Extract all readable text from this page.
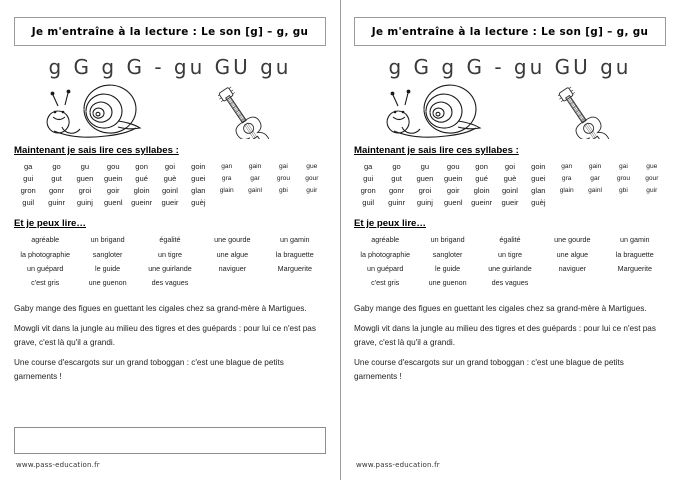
Je m'entraîne à la lecture : Le son [g] – g, gu
g G g G - gu GU gu
Maintenant je sais lire ces syllabes :
ga	go	gu	gou	gon	goi	goin	gan	gain	gai	gue
gui	gut	guen	guein	gué	guè	guei	gra	gar	grou	gour
gron	gonr	groi	goir	gloin	goinl	glan	glain	gainl	gbi	guir
guil	guinr	guinj	guenl	gueinr	gueir	guèj				
Et je peux lire…
agréable	un brigand	égalité	une gourde	un gamin
la photographie	sangloter	un tigre	une algue	la braguette
un guépard	le guide	une guirlande	naviguer	Marguerite
c'est gris	une guenon	des vagues		

Gaby mange des figues en guettant les cigales chez sa grand-mère à Martigues.

Mowgli vit dans la jungle au milieu des tigres et des guépards : pour lui ce n'est pas grave, c'est là qu'il a grandi.

Une course d'escargots sur un grand toboggan : c'est une blague de petits garnements !

www.pass-education.fr
Je m'entraîne à la lecture : Le son [g] – g, gu
g G g G - gu GU gu
Maintenant je sais lire ces syllabes :
ga	go	gu	gou	gon	goi	goin	gan	gain	gai	gue
gui	gut	guen	guein	gué	guè	guei	gra	gar	grou	gour
gron	gonr	groi	goir	gloin	goinl	glan	glain	gainl	gbi	guir
guil	guinr	guinj	guenl	gueinr	gueir	guèj				
Et je peux lire…
agréable	un brigand	égalité	une gourde	un gamin
la photographie	sangloter	un tigre	une algue	la braguette
un guépard	le guide	une guirlande	naviguer	Marguerite
c'est gris	une guenon	des vagues		

Gaby mange des figues en guettant les cigales chez sa grand-mère à Martigues.

Mowgli vit dans la jungle au milieu des tigres et des guépards : pour lui ce n'est pas grave, c'est là qu'il a grandi.

Une course d'escargots sur un grand toboggan : c'est une blague de petits garnements !

www.pass-education.fr
